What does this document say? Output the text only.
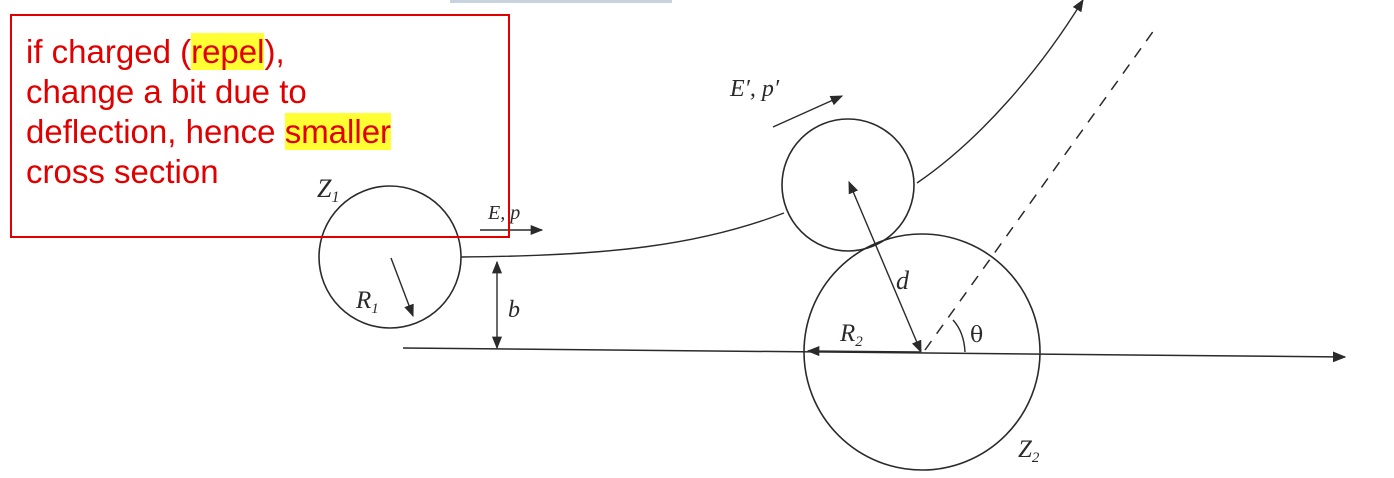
Z1
$R_1$
E, p
b
E′, p′
d
$R_2$	θ
$Z_2$
if charged (repel),
change a bit due to
deflection, hence smaller
cross section
